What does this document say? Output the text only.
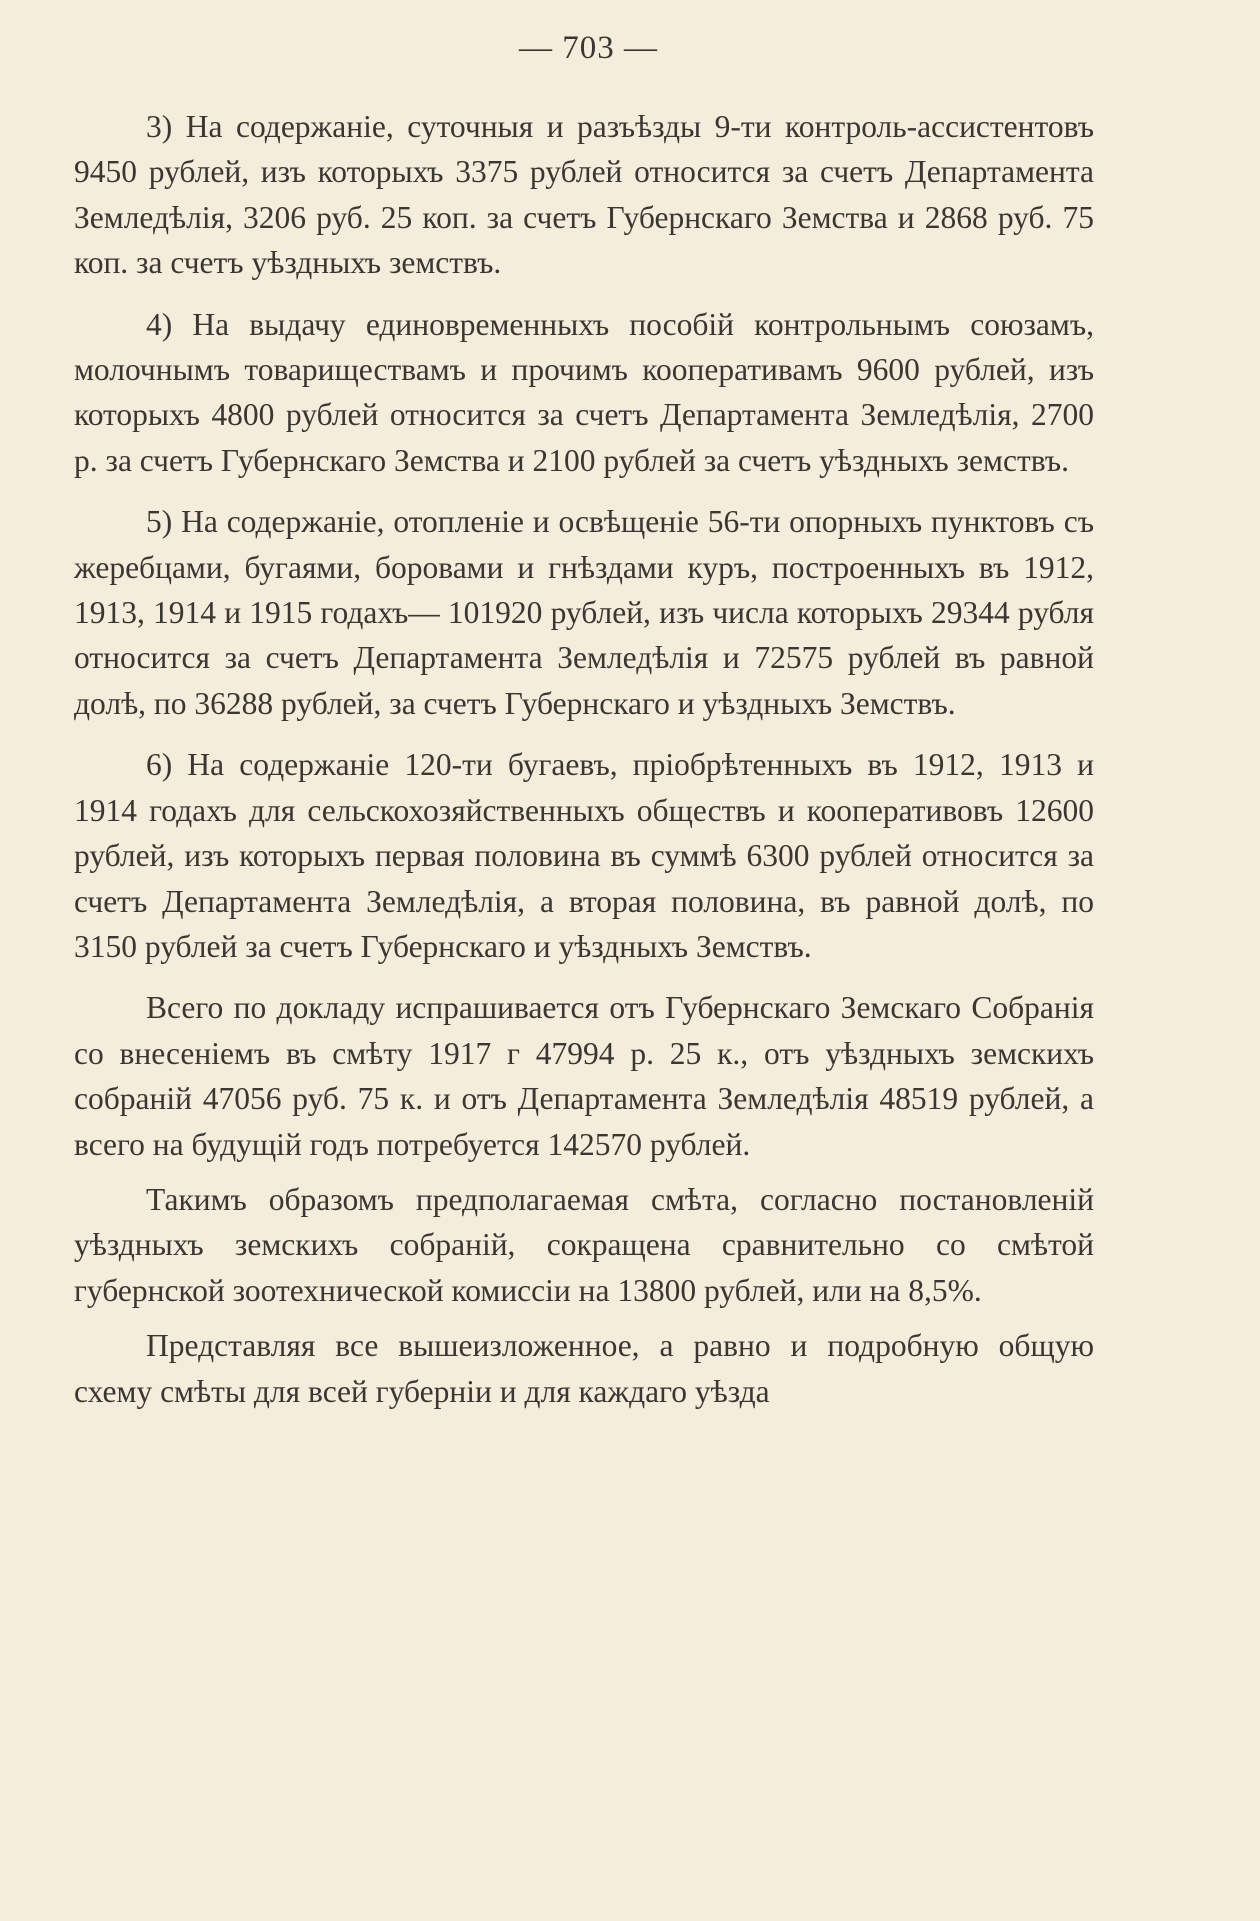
— 703 —

3) На содержаніе, суточныя и разъѣзды 9-ти контроль-ассистентовъ 9450 рублей, изъ которыхъ 3375 рублей относится за счетъ Департамента Земледѣлія, 3206 руб. 25 коп. за счетъ Губернскаго Земства и 2868 руб. 75 коп. за счетъ уѣздныхъ земствъ.

4) На выдачу единовременныхъ пособій контрольнымъ союзамъ, молочнымъ товариществамъ и прочимъ кооперативамъ 9600 рублей, изъ которыхъ 4800 рублей относится за счетъ Департамента Земледѣлія, 2700 р. за счетъ Губернскаго Земства и 2100 рублей за счетъ уѣздныхъ земствъ.

5) На содержаніе, отопленіе и освѣщеніе 56-ти опорныхъ пунктовъ съ жеребцами, бугаями, боровами и гнѣздами куръ, построенныхъ въ 1912, 1913, 1914 и 1915 годахъ— 101920 рублей, изъ числа которыхъ 29344 рубля относится за счетъ Департамента Земледѣлія и 72575 рублей въ равной долѣ, по 36288 рублей, за счетъ Губернскаго и уѣздныхъ Земствъ.

6) На содержаніе 120-ти бугаевъ, пріобрѣтенныхъ въ 1912, 1913 и 1914 годахъ для сельскохозяйственныхъ обществъ и кооперативовъ 12600 рублей, изъ которыхъ первая половина въ суммѣ 6300 рублей относится за счетъ Департамента Земледѣлія, а вторая половина, въ равной долѣ, по 3150 рублей за счетъ Губернскаго и уѣздныхъ Земствъ.

Всего по докладу испрашивается отъ Губернскаго Земскаго Собранія со внесеніемъ въ смѣту 1917 г 47994 р. 25 к., отъ уѣздныхъ земскихъ собраній 47056 руб. 75 к. и отъ Департамента Земледѣлія 48519 рублей, а всего на будущій годъ потребуется 142570 рублей.

Такимъ образомъ предполагаемая смѣта, согласно постановленій уѣздныхъ земскихъ собраній, сокращена сравнительно со смѣтой губернской зоотехнической комиссіи на 13800 рублей, или на 8,5%.

Представляя все вышеизложенное, а равно и подробную общую схему смѣты для всей губерніи и для каждаго уѣзда
